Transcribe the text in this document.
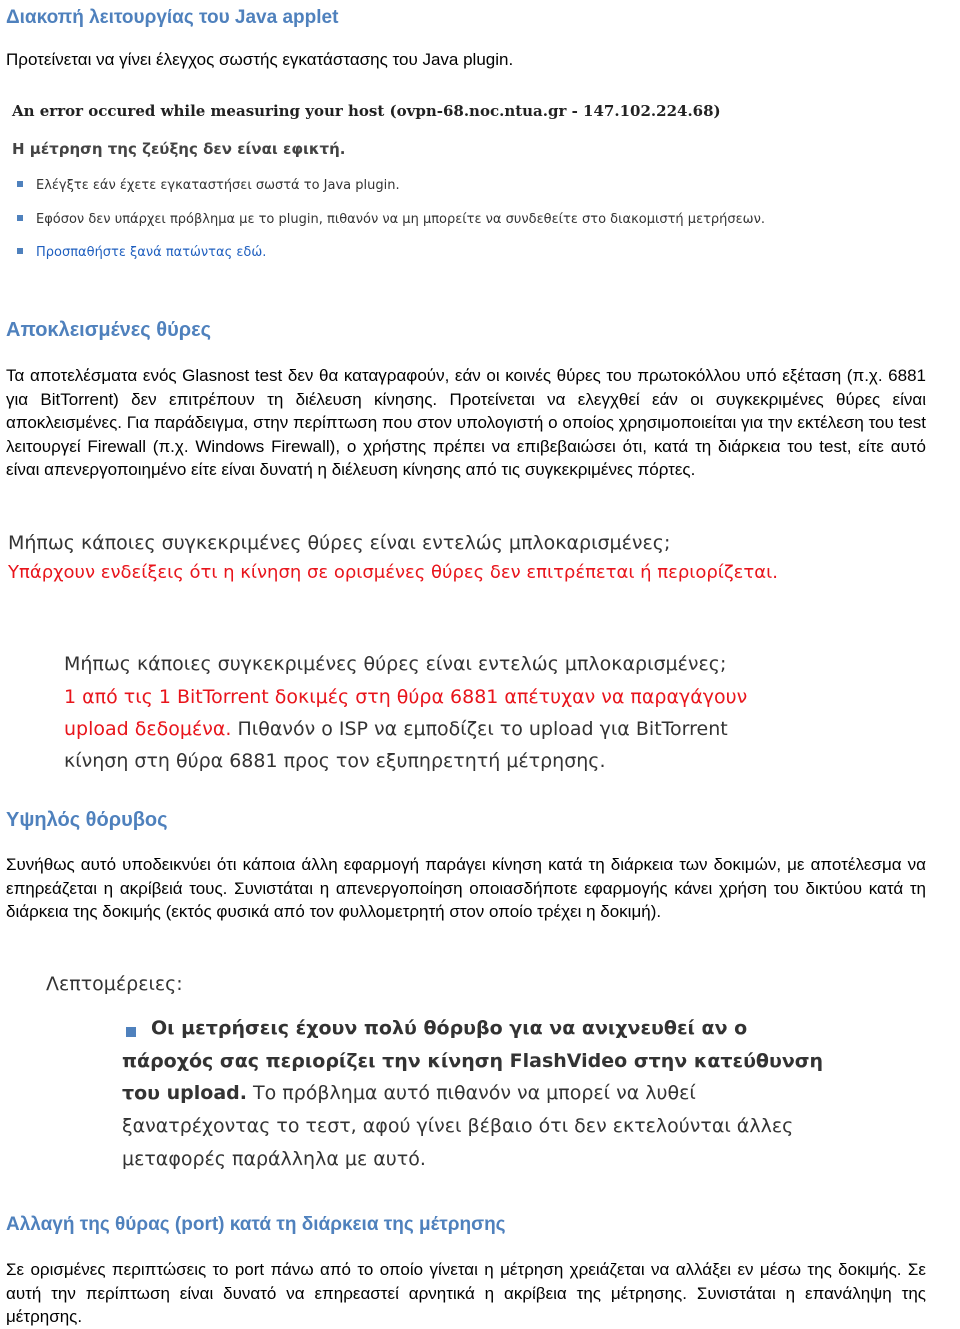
Διακοπή λειτουργίας του Java applet

Προτείνεται να γίνει έλεγχος σωστής εγκατάστασης του Java plugin.

An error occured while measuring your host (ovpn-68.noc.ntua.gr - 147.102.224.68)
Η μέτρηση της ζεύξης δεν είναι εφικτή.
Ελέγξτε εάν έχετε εγκαταστήσει σωστά το Java plugin.
Εφόσον δεν υπάρχει πρόβλημα με το plugin, πιθανόν να μη μπορείτε να συνδεθείτε στο διακομιστή μετρήσεων.
Προσπαθήστε ξανά πατώντας εδώ.
Αποκλεισμένες θύρες

Τα αποτελέσματα ενός Glasnost test δεν θα καταγραφούν, εάν οι κοινές θύρες του πρωτοκόλλου υπό εξέταση (π.χ. 6881 για BitTorrent) δεν επιτρέπουν τη διέλευση κίνησης. Προτείνεται να ελεγχθεί εάν οι συγκεκριμένες θύρες είναι αποκλεισμένες. Για παράδειγμα, στην περίπτωση που στον υπολογιστή ο οποίος χρησιμοποιείται για την εκτέλεση του test λειτουργεί Firewall (π.χ. Windows Firewall), ο χρήστης πρέπει να επιβεβαιώσει ότι, κατά τη διάρκεια του test, είτε αυτό είναι απενεργοποιημένο είτε είναι δυνατή η διέλευση κίνησης από τις συγκεκριμένες πόρτες.

Μήπως κάποιες συγκεκριμένες θύρες είναι εντελώς μπλοκαρισμένες;
Υπάρχουν ενδείξεις ότι η κίνηση σε ορισμένες θύρες δεν επιτρέπεται ή περιορίζεται.
Μήπως κάποιες συγκεκριμένες θύρες είναι εντελώς μπλοκαρισμένες;
1 από τις 1 BitTorrent δοκιμές στη θύρα 6881 απέτυχαν να παραγάγουν
upload δεδομένα. Πιθανόν ο ISP να εμποδίζει το upload για BitTorrent
κίνηση στη θύρα 6881 προς τον εξυπηρετητή μέτρησης.
Υψηλός θόρυβος

Συνήθως αυτό υποδεικνύει ότι κάποια άλλη εφαρμογή παράγει κίνηση κατά τη διάρκεια των δοκιμών, με αποτέλεσμα να επηρεάζεται η ακρίβειά τους. Συνιστάται η απενεργοποίηση οποιασδήποτε εφαρμογής κάνει χρήση του δικτύου κατά τη διάρκεια της δοκιμής (εκτός φυσικά από τον φυλλομετρητή στον οποίο τρέχει η δοκιμή).

Λεπτομέρειες:
Οι μετρήσεις έχουν πολύ θόρυβο για να ανιχνευθεί αν ο
πάροχός σας περιορίζει την κίνηση FlashVideo στην κατεύθυνση
του upload. Το πρόβλημα αυτό πιθανόν να μπορεί να λυθεί
ξανατρέχοντας το τεστ, αφού γίνει βέβαιο ότι δεν εκτελούνται άλλες
μεταφορές παράλληλα με αυτό.
Αλλαγή της θύρας (port) κατά τη διάρκεια της μέτρησης

Σε ορισμένες περιπτώσεις το port πάνω από το οποίο γίνεται η μέτρηση χρειάζεται να αλλάξει εν μέσω της δοκιμής. Σε αυτή την περίπτωση είναι δυνατό να επηρεαστεί αρνητικά η ακρίβεια της μέτρησης. Συνιστάται η επανάληψη της μέτρησης.
